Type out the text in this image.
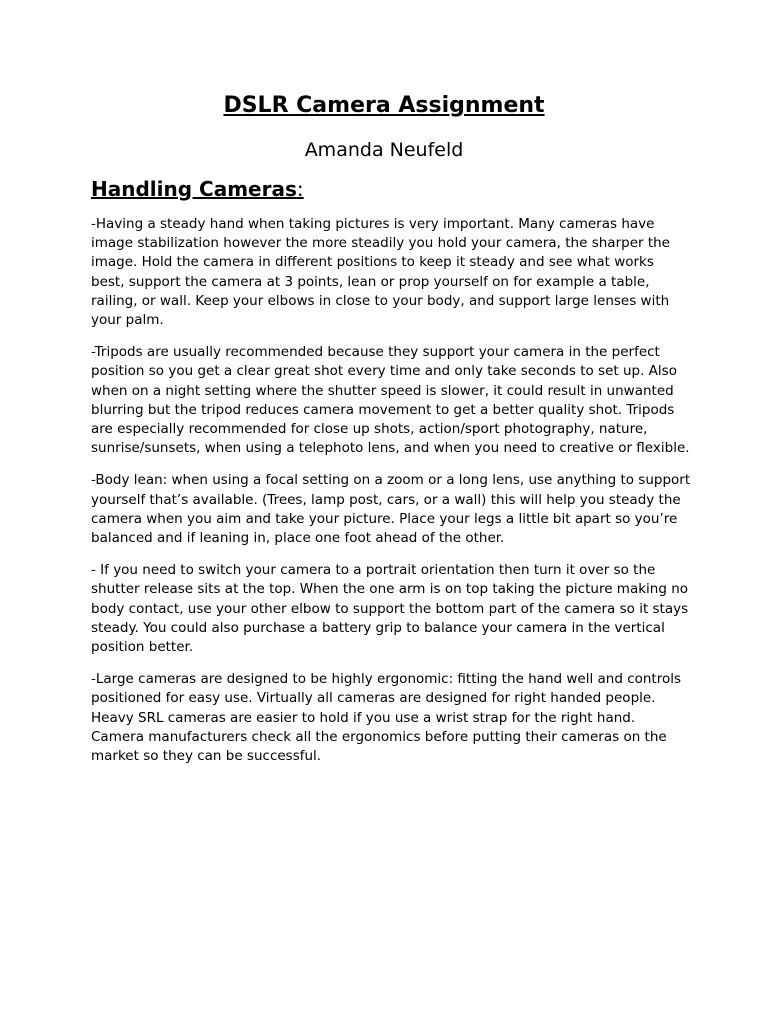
DSLR Camera Assignment
Amanda Neufeld
Handling Cameras:

-Having a steady hand when taking pictures is very important. Many cameras have image stabilization however the more steadily you hold your camera, the sharper the image. Hold the camera in different positions to keep it steady and see what works best, support the camera at 3 points, lean or prop yourself on for example a table, railing, or wall. Keep your elbows in close to your body, and support large lenses with your palm.

-Tripods are usually recommended because they support your camera in the perfect position so you get a clear great shot every time and only take seconds to set up. Also when on a night setting where the shutter speed is slower, it could result in unwanted blurring but the tripod reduces camera movement to get a better quality shot. Tripods are especially recommended for close up shots, action/sport photography, nature, sunrise/sunsets, when using a telephoto lens, and when you need to creative or flexible.

-Body lean: when using a focal setting on a zoom or a long lens, use anything to support yourself that’s available. (Trees, lamp post, cars, or a wall) this will help you steady the camera when you aim and take your picture. Place your legs a little bit apart so you’re balanced and if leaning in, place one foot ahead of the other.

- If you need to switch your camera to a portrait orientation then turn it over so the shutter release sits at the top. When the one arm is on top taking the picture making no body contact, use your other elbow to support the bottom part of the camera so it stays steady. You could also purchase a battery grip to balance your camera in the vertical position better.

-Large cameras are designed to be highly ergonomic: fitting the hand well and controls positioned for easy use. Virtually all cameras are designed for right handed people. Heavy SRL cameras are easier to hold if you use a wrist strap for the right hand. Camera manufacturers check all the ergonomics before putting their cameras on the market so they can be successful.
